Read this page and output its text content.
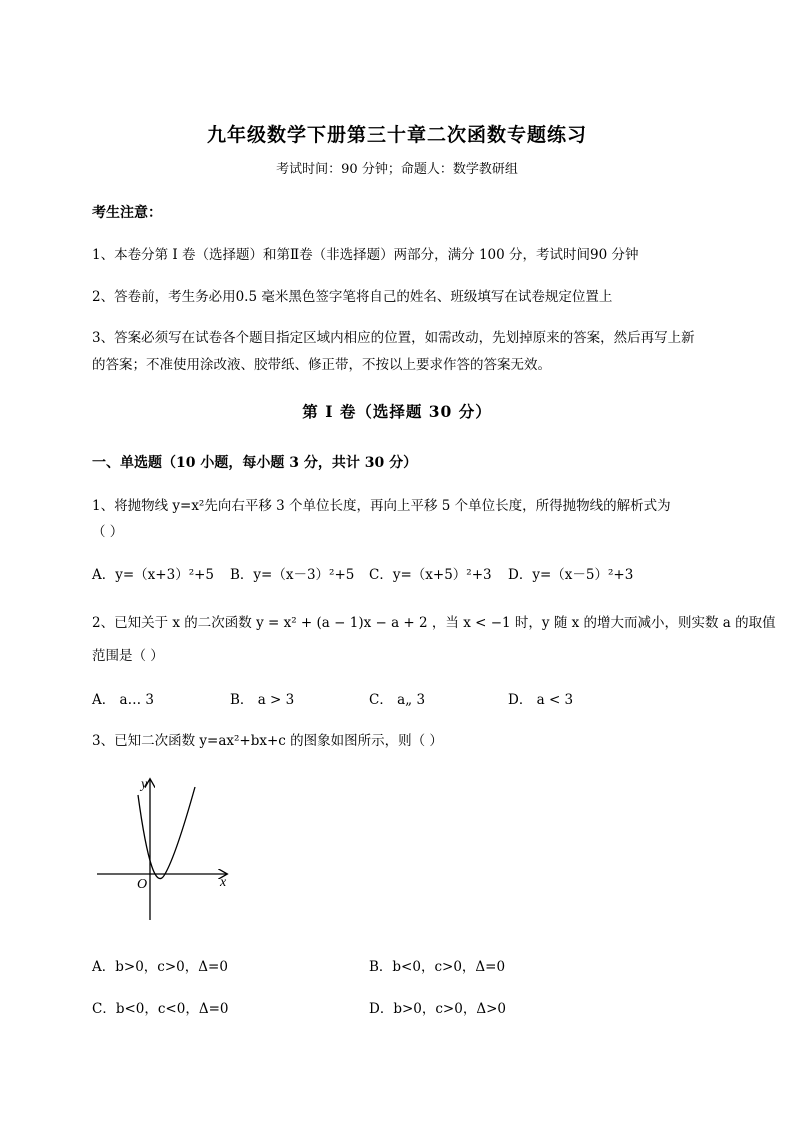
九年级数学下册第三十章二次函数专题练习
考试时间：90 分钟；命题人：数学教研组
考生注意：
1、本卷分第 I 卷（选择题）和第Ⅱ卷（非选择题）两部分，满分 100 分，考试时间90 分钟
2、答卷前，考生务必用0.5 毫米黑色签字笔将自己的姓名、班级填写在试卷规定位置上
3、答案必须写在试卷各个题目指定区域内相应的位置，如需改动，先划掉原来的答案，然后再写上新
的答案；不准使用涂改液、胶带纸、修正带，不按以上要求作答的答案无效。
第 I 卷（选择题 30 分）
一、单选题（10 小题，每小题 3 分，共计 30 分）
1、将抛物线 y=x²先向右平移 3 个单位长度，再向上平移 5 个单位长度，所得抛物线的解析式为
（ ）
A．y=（x+3）²+5 B．y=（x－3）²+5 C．y=（x+5）²+3 D．y=（x－5）²+3
2、已知关于 x 的二次函数 y = x² + (a − 1)x − a + 2 ，当 x < −1 时，y 随 x 的增大而减小，则实数 a 的取值
范围是（ ）
A． a… 3	B． a > 3	C． a„ 3	D． a < 3
3、已知二次函数 y=ax²+bx+c 的图象如图所示，则（ ）
y
x
O
A．b>0，c>0，Δ=0	B．b<0，c>0，Δ=0
C．b<0，c<0，Δ=0	D．b>0，c>0，Δ>0
